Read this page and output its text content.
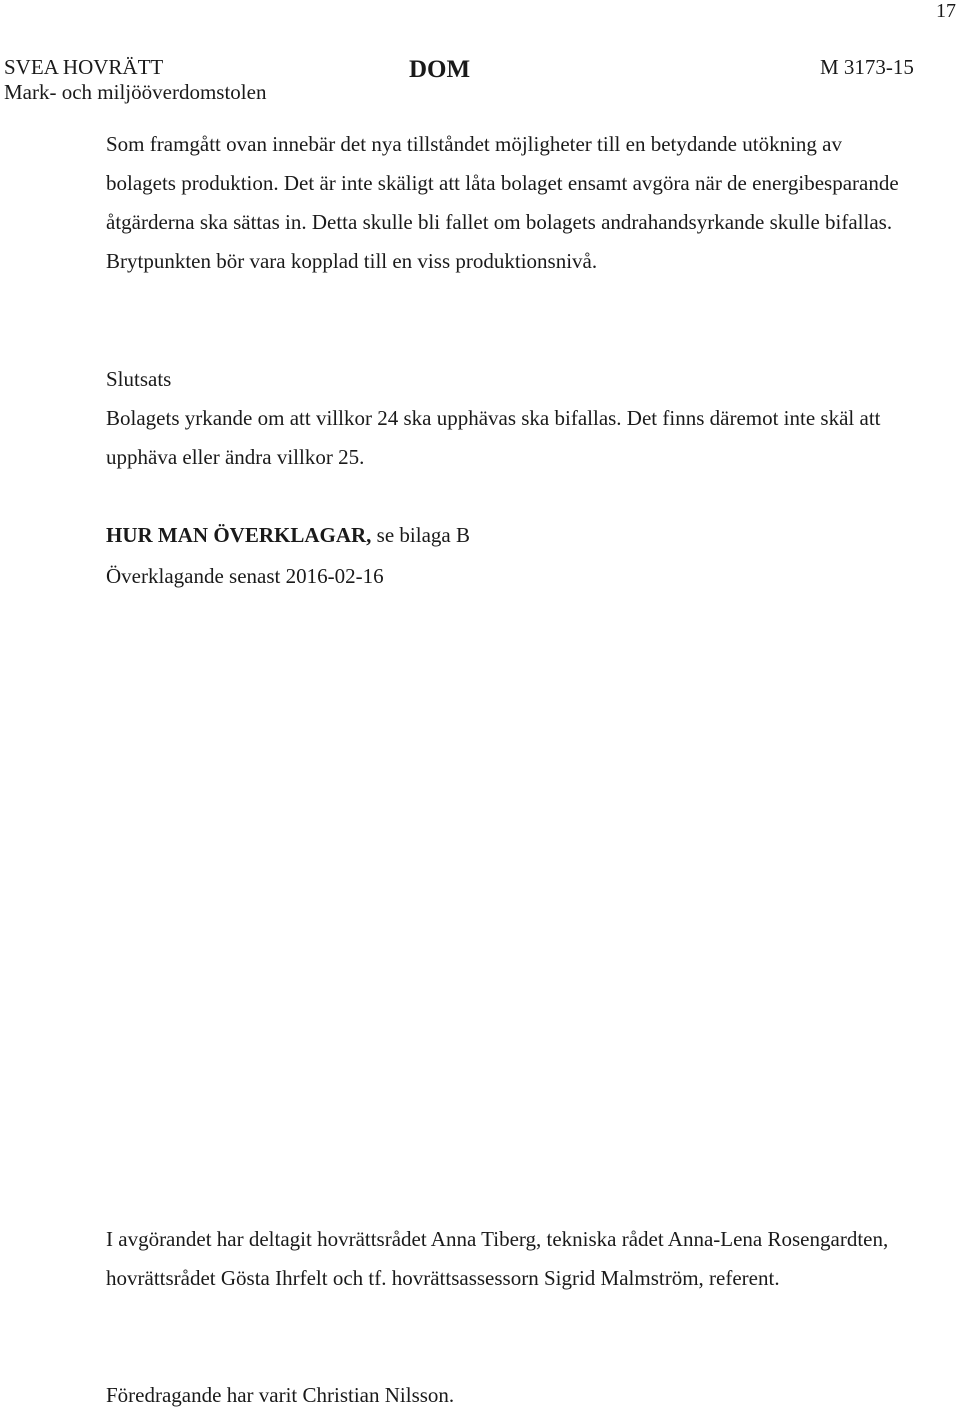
17
SVEA HOVRÄTT
Mark- och miljööverdomstolen
DOM	M 3173-15

Som framgått ovan innebär det nya tillståndet möjligheter till en betydande utökning av bolagets produktion. Det är inte skäligt att låta bolaget ensamt avgöra när de energibesparande åtgärderna ska sättas in. Detta skulle bli fallet om bolagets andrahandsyrkande skulle bifallas. Brytpunkten bör vara kopplad till en viss produktionsnivå.

Slutsats

Bolagets yrkande om att villkor 24 ska upphävas ska bifallas. Det finns däremot inte skäl att upphäva eller ändra villkor 25.

HUR MAN ÖVERKLAGAR, se bilaga B

Överklagande senast 2016-02-16

I avgörandet har deltagit hovrättsrådet Anna Tiberg, tekniska rådet Anna-Lena Rosengardten, hovrättsrådet Gösta Ihrfelt och tf. hovrättsassessorn Sigrid Malmström, referent.

Föredragande har varit Christian Nilsson.
